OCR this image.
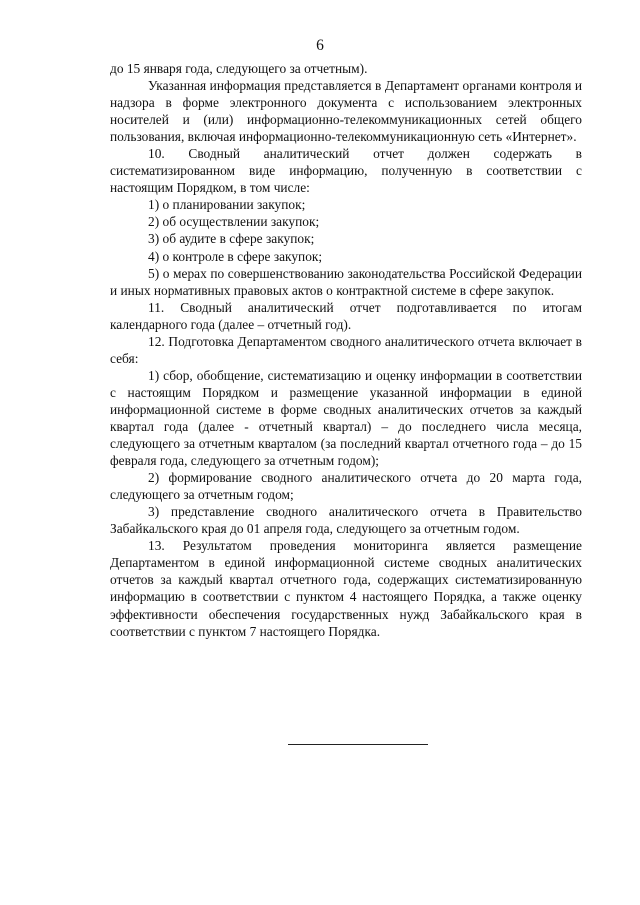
6

до 15 января года, следующего за отчетным).

Указанная информация представляется в Департамент органами контроля и надзора в форме электронного документа с использованием электронных носителей и (или) информационно-телекоммуникационных сетей общего пользования, включая информационно-телекоммуникационную сеть «Интернет».

10. Сводный аналитический отчет должен содержать в систематизированном виде информацию, полученную в соответствии с настоящим Порядком, в том числе:

1) о планировании закупок;

2) об осуществлении закупок;

3) об аудите в сфере закупок;

4) о контроле в сфере закупок;

5) о мерах по совершенствованию законодательства Российской Федерации и иных нормативных правовых актов о контрактной системе в сфере закупок.

11. Сводный аналитический отчет подготавливается по итогам календарного года (далее – отчетный год).

12. Подготовка Департаментом сводного аналитического отчета включает в себя:

1) сбор, обобщение, систематизацию и оценку информации в соответствии с настоящим Порядком и размещение указанной информации в единой информационной системе в форме сводных аналитических отчетов за каждый квартал года (далее - отчетный квартал) – до последнего числа месяца, следующего за отчетным кварталом (за последний квартал отчетного года – до 15 февраля года, следующего за отчетным годом);

2) формирование сводного аналитического отчета до 20 марта года, следующего за отчетным годом;

3) представление сводного аналитического отчета в Правительство Забайкальского края до 01 апреля года, следующего за отчетным годом.

13. Результатом проведения мониторинга является размещение Департаментом в единой информационной системе сводных аналитических отчетов за каждый квартал отчетного года, содержащих систематизированную информацию в соответствии с пунктом 4 настоящего Порядка, а также оценку эффективности обеспечения государственных нужд Забайкальского края в соответствии с пунктом 7 настоящего Порядка.
